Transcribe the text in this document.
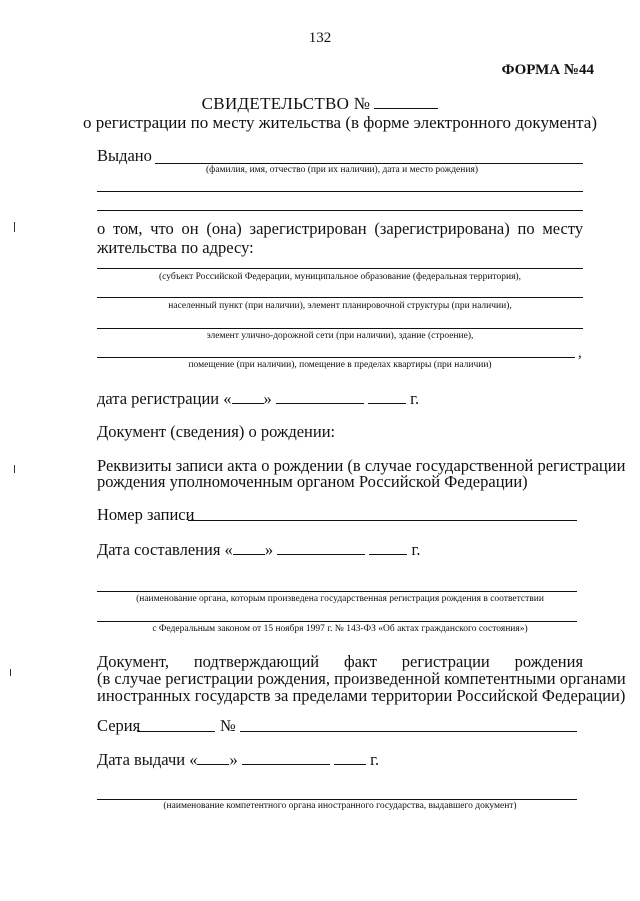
132
ФОРМА №44
СВИДЕТЕЛЬСТВО №
о регистрации по месту жительства (в форме электронного документа)
Выдано
(фамилия, имя, отчество (при их наличии), дата и место рождения)
о том, что он (она) зарегистрирован (зарегистрирована) по месту
жительства по адресу:
(субъект Российской Федерации, муниципальное образование (федеральная территория),
населенный пункт (при наличии), элемент планировочной структуры (при наличии),
элемент улично-дорожной сети (при наличии), здание (строение),
,
помещение (при наличии), помещение в пределах квартиры (при наличии)
дата регистрации « »	г.
Документ (сведения) о рождении:
Реквизиты записи акта о рождении (в случае государственной регистрации
рождения уполномоченным органом Российской Федерации)
Номер записи
Дата составления « »	г.
(наименование органа, которым произведена государственная регистрация рождения в соответствии
с Федеральным законом от 15 ноября 1997 г. № 143-ФЗ «Об актах гражданского состояния»)
Документ, подтверждающий факт регистрации рождения
(в случае регистрации рождения, произведенной компетентными органами
иностранных государств за пределами территории Российской Федерации)
Серия	№
Дата выдачи « »	г.
(наименование компетентного органа иностранного государства, выдавшего документ)
